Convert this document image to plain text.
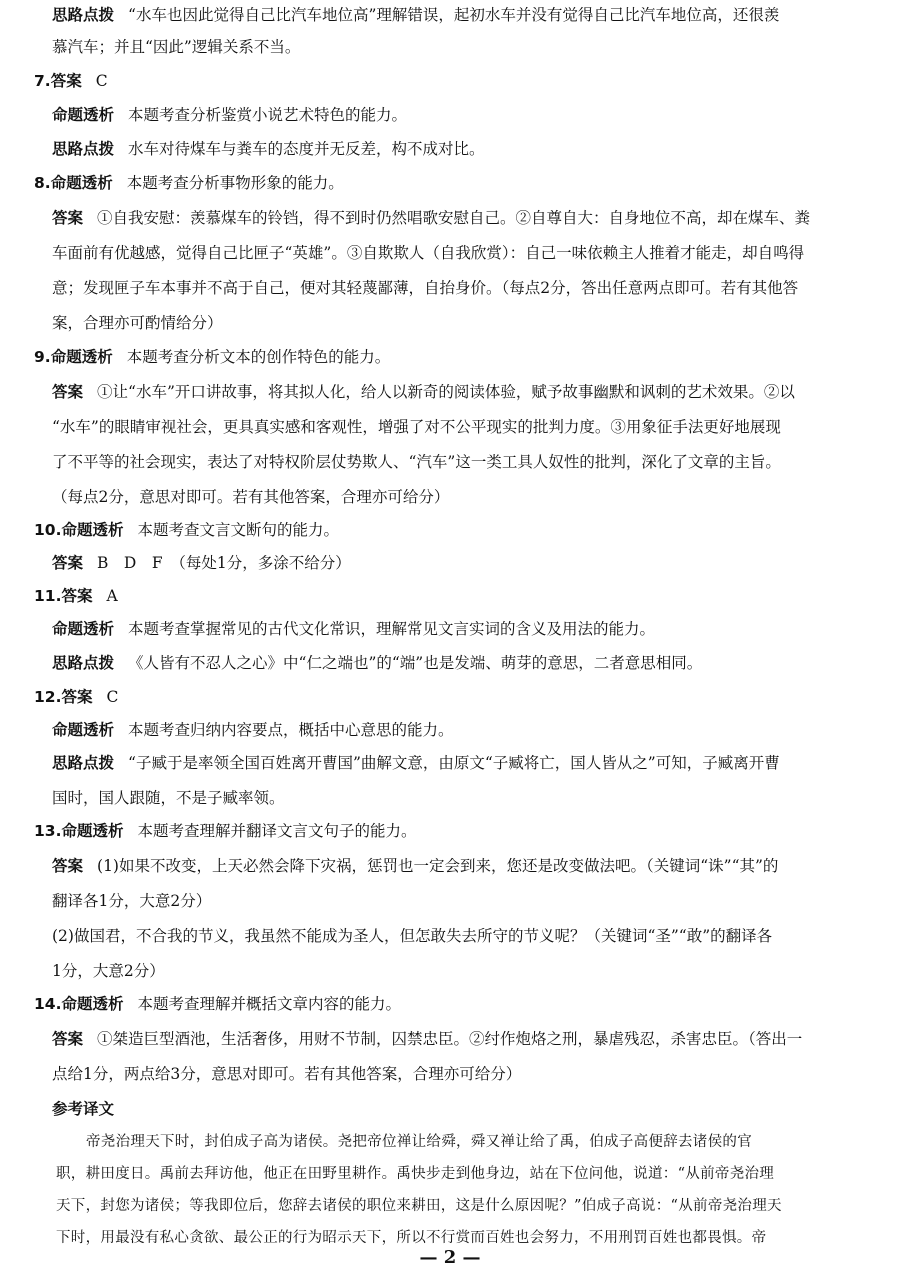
思路点拨 “水车也因此觉得自己比汽车地位高”理解错误，起初水车并没有觉得自己比汽车地位高，还很羡
慕汽车；并且“因此”逻辑关系不当。
7.答案 C
命题透析 本题考查分析鉴赏小说艺术特色的能力。
思路点拨 水车对待煤车与粪车的态度并无反差，构不成对比。
8.命题透析 本题考查分析事物形象的能力。
答案 ①自我安慰：羡慕煤车的铃铛，得不到时仍然唱歌安慰自己。②自尊自大：自身地位不高，却在煤车、粪
车面前有优越感，觉得自己比匣子“英雄”。③自欺欺人（自我欣赏）：自己一味依赖主人推着才能走，却自鸣得
意；发现匣子车本事并不高于自己，便对其轻蔑鄙薄，自抬身价。（每点2分，答出任意两点即可。若有其他答
案，合理亦可酌情给分）
9.命题透析 本题考查分析文本的创作特色的能力。
答案 ①让“水车”开口讲故事，将其拟人化，给人以新奇的阅读体验，赋予故事幽默和讽刺的艺术效果。②以
“水车”的眼睛审视社会，更具真实感和客观性，增强了对不公平现实的批判力度。③用象征手法更好地展现
了不平等的社会现实，表达了对特权阶层仗势欺人、“汽车”这一类工具人奴性的批判，深化了文章的主旨。
（每点2分，意思对即可。若有其他答案，合理亦可给分）
10.命题透析 本题考查文言文断句的能力。
答案 B　D　F　（每处1分，多涂不给分）
11.答案 A
命题透析 本题考查掌握常见的古代文化常识，理解常见文言实词的含义及用法的能力。
思路点拨 《人皆有不忍人之心》中“仁之端也”的“端”也是发端、萌芽的意思，二者意思相同。
12.答案 C
命题透析 本题考查归纳内容要点，概括中心意思的能力。
思路点拨 “子臧于是率领全国百姓离开曹国”曲解文意，由原文“子臧将亡，国人皆从之”可知，子臧离开曹
国时，国人跟随，不是子臧率领。
13.命题透析 本题考查理解并翻译文言文句子的能力。
答案 (1)如果不改变，上天必然会降下灾祸，惩罚也一定会到来，您还是改变做法吧。（关键词“诛”“其”的
翻译各1分，大意2分）
(2)做国君，不合我的节义，我虽然不能成为圣人，但怎敢失去所守的节义呢？（关键词“圣”“敢”的翻译各
1分，大意2分）
14.命题透析 本题考查理解并概括文章内容的能力。
答案 ①桀造巨型酒池，生活奢侈，用财不节制，囚禁忠臣。②纣作炮烙之刑，暴虐残忍，杀害忠臣。（答出一
点给1分，两点给3分，意思对即可。若有其他答案，合理亦可给分）
参考译文
帝尧治理天下时，封伯成子高为诸侯。尧把帝位禅让给舜，舜又禅让给了禹，伯成子高便辞去诸侯的官
职，耕田度日。禹前去拜访他，他正在田野里耕作。禹快步走到他身边，站在下位问他，说道：“从前帝尧治理
天下，封您为诸侯；等我即位后，您辞去诸侯的职位来耕田，这是什么原因呢？”伯成子高说：“从前帝尧治理天
下时，用最没有私心贪欲、最公正的行为昭示天下，所以不行赏而百姓也会努力，不用刑罚百姓也都畏惧。帝
— 2 —
